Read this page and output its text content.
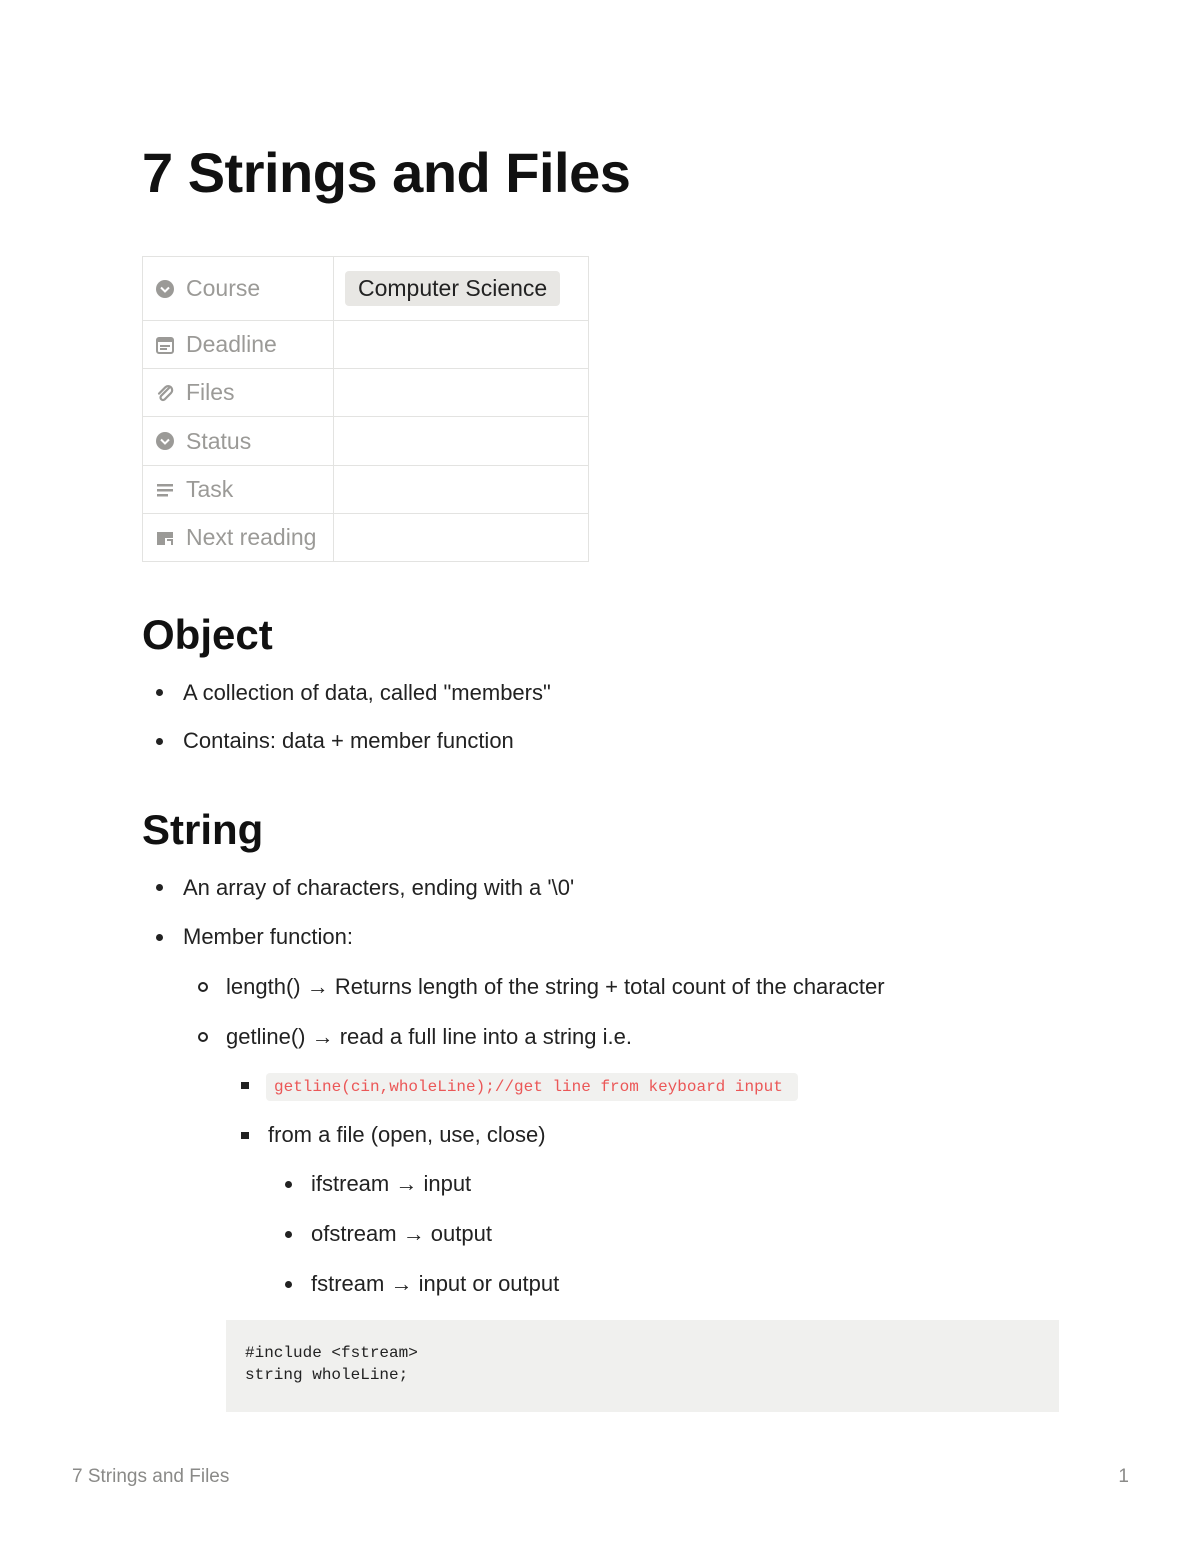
7 Strings and Files
Course	Computer Science

Deadline	

Files	

Status	

Task	

Next reading	

Object
A collection of data, called "members"
Contains: data + member function
String
An array of characters, ending with a '\0'
Member function:
length() → Returns length of the string + total count of the character
getline() → read a full line into a string i.e.
getline(cin,wholeLine);//get line from keyboard input
from a file (open, use, close)
ifstream → input
ofstream → output
fstream → input or output
#include <fstream>
string wholeLine;
7 Strings and Files	1
